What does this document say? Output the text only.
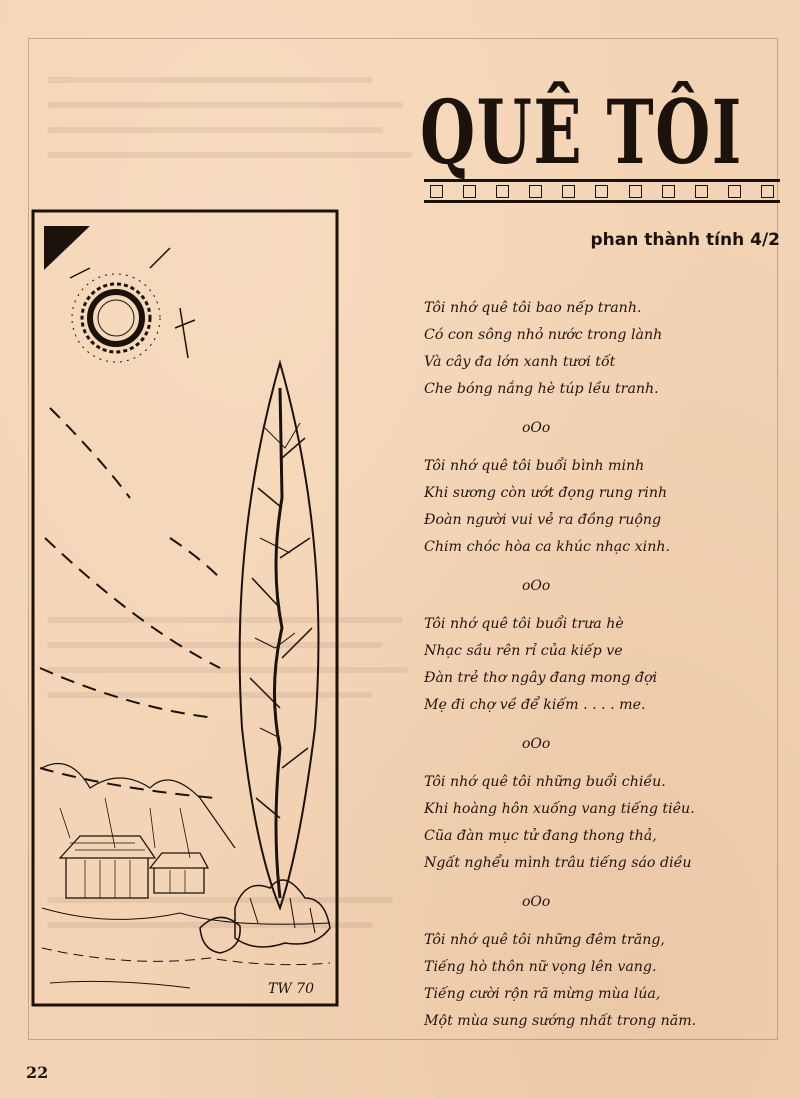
QUÊ TÔI
phan thành tính 4/2
Tôi nhớ quê tôi bao nếp tranh.
Có con sông nhỏ nước trong lành
Và cây đa lớn xanh tươi tốt
Che bóng nắng hè túp lều tranh.
oOo
Tôi nhớ quê tôi buổi bình minh
Khi sương còn ướt đọng rung rinh
Đoàn người vui vẻ ra đồng ruộng
Chim chóc hòa ca khúc nhạc xinh.
oOo
Tôi nhớ quê tôi buổi trưa hè
Nhạc sầu rên rỉ của kiếp ve
Đàn trẻ thơ ngây đang mong đợi
Mẹ đi chợ về để kiếm . . . . me.
oOo
Tôi nhớ quê tôi những buổi chiều.
Khi hoàng hôn xuống vang tiếng tiêu.
Cũa đàn mục tử đang thong thả,
Ngất nghểu mình trâu tiếng sáo diều
oOo
Tôi nhớ quê tôi những đêm trăng,
Tiếng hò thôn nữ vọng lên vang.
Tiếng cười rộn rã mừng mùa lúa,
Một mùa sung sướng nhất trong năm.
TW 70
22
